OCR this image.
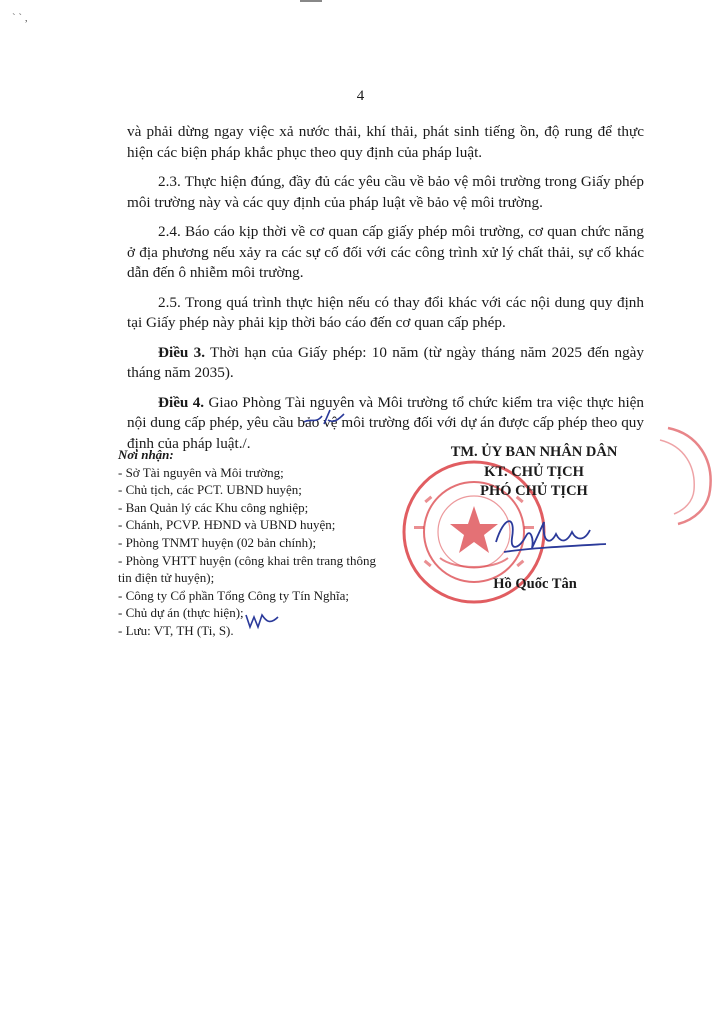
` ` ,
4

và phải dừng ngay việc xả nước thải, khí thải, phát sinh tiếng ồn, độ rung để thực hiện các biện pháp khắc phục theo quy định của pháp luật.

2.3. Thực hiện đúng, đầy đủ các yêu cầu về bảo vệ môi trường trong Giấy phép môi trường này và các quy định của pháp luật về bảo vệ môi trường.

2.4. Báo cáo kịp thời về cơ quan cấp giấy phép môi trường, cơ quan chức năng ở địa phương nếu xảy ra các sự cố đối với các công trình xử lý chất thải, sự cố khác dẫn đến ô nhiễm môi trường.

2.5. Trong quá trình thực hiện nếu có thay đổi khác với các nội dung quy định tại Giấy phép này phải kịp thời báo cáo đến cơ quan cấp phép.

Điều 3. Thời hạn của Giấy phép: 10 năm (từ ngày tháng năm 2025 đến ngày tháng năm 2035).

Điều 4. Giao Phòng Tài nguyên và Môi trường tổ chức kiểm tra việc thực hiện nội dung cấp phép, yêu cầu bảo vệ môi trường đối với dự án được cấp phép theo quy định của pháp luật./.

Nơi nhận:
- Sở Tài nguyên và Môi trường;
- Chủ tịch, các PCT. UBND huyện;
- Ban Quản lý các Khu công nghiệp;
- Chánh, PCVP. HĐND và UBND huyện;
- Phòng TNMT huyện (02 bản chính);
- Phòng VHTT huyện (công khai trên trang thông tin điện tử huyện);
- Công ty Cổ phần Tổng Công ty Tín Nghĩa;
- Chủ dự án (thực hiện);
- Lưu: VT, TH (Ti, S).
TM. ỦY BAN NHÂN DÂN
KT. CHỦ TỊCH
PHÓ CHỦ TỊCH
Hồ Quốc Tân
